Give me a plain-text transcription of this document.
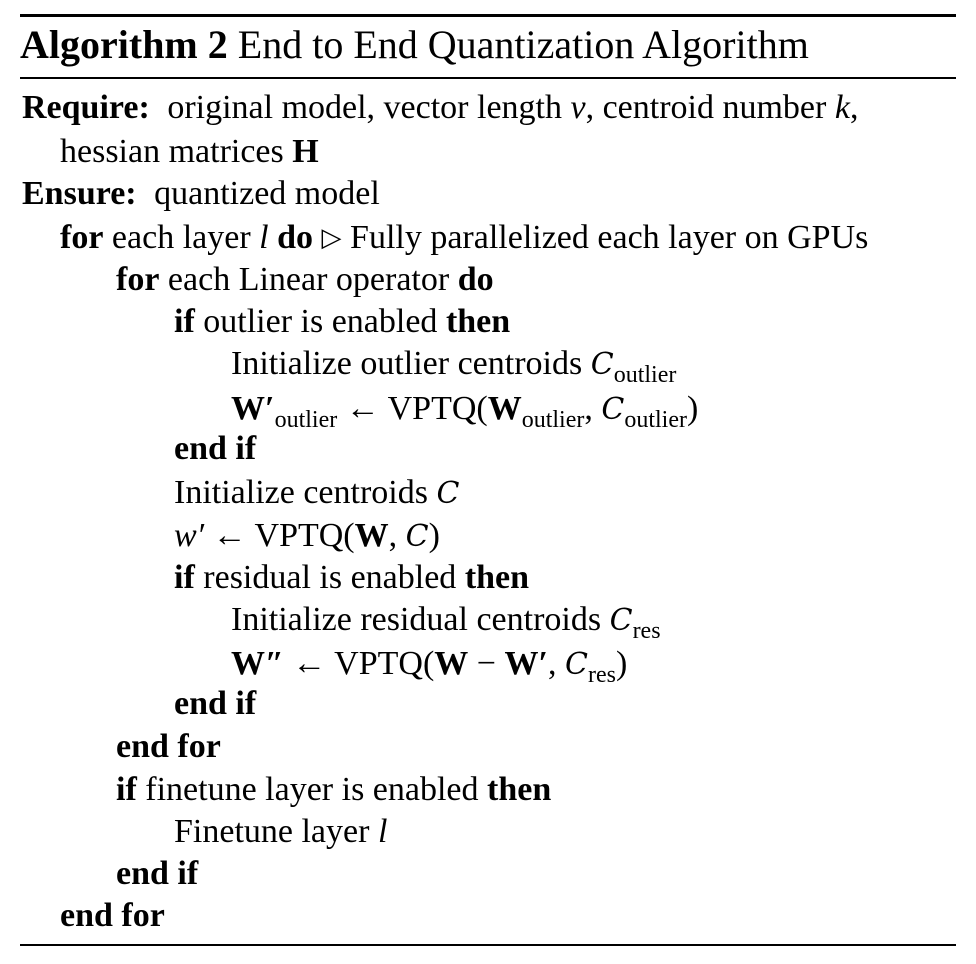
Algorithm 2 End to End Quantization Algorithm
Require: original model, vector length v, centroid number k,
hessian matrices H
Ensure: quantized model
for each layer l do ▷ Fully parallelized each layer on GPUs
for each Linear operator do
if outlier is enabled then
Initialize outlier centroids $C_{outlier}$
$W'_{outlier}$ ← $VPTQ(W_{outlier}$, $C_{outlier}$)
end if
Initialize centroids C
w′ ← VPTQ(W, C)
if residual is enabled then
Initialize residual centroids $C_{res}$
W″ ← VPTQ(W − W′, $C_{res}$)
end if
end for
if finetune layer is enabled then
Finetune layer l
end if
end for
